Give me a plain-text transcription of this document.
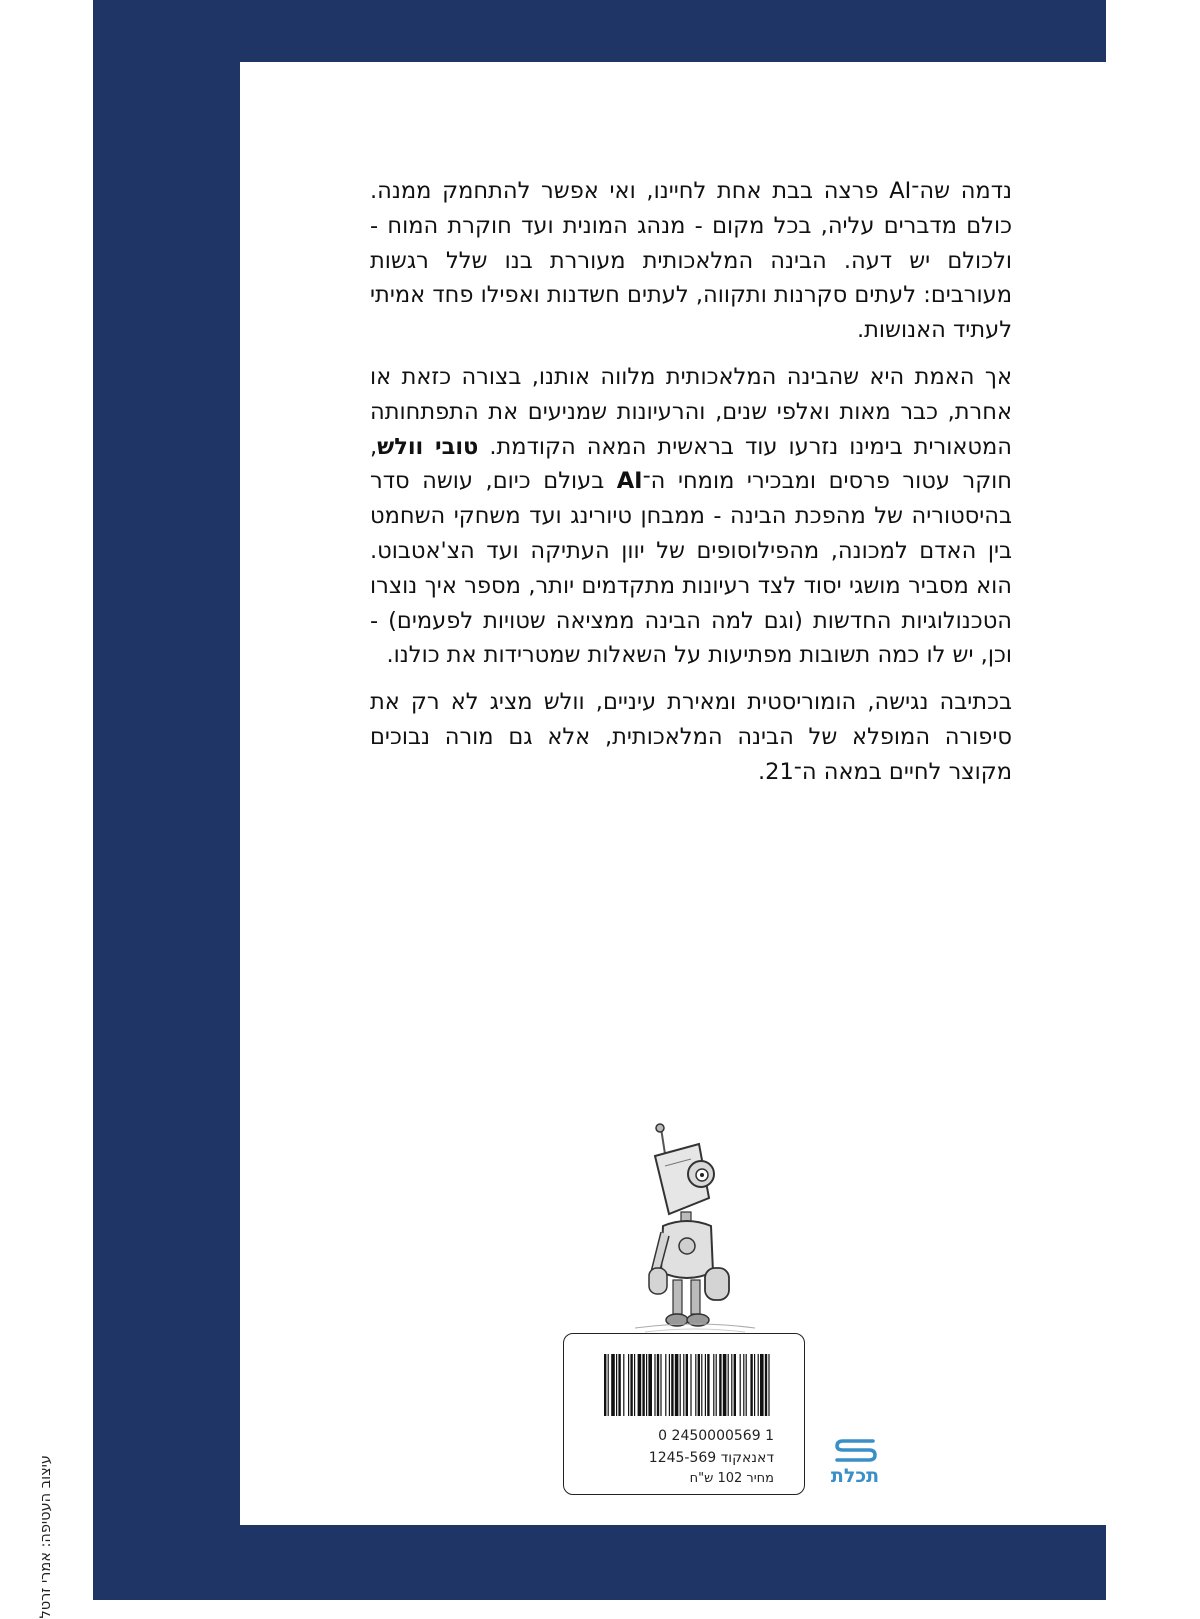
נדמה שה־AI פרצה בבת אחת לחיינו, ואי אפשר להתחמק ממנה. כולם מדברים עליה, בכל מקום - מנהג המונית ועד חוקרת המוח - ולכולם יש דעה. הבינה המלאכותית מעוררת בנו שלל רגשות מעורבים: לעתים סקרנות ותקווה, לעתים חשדנות ואפילו פחד אמיתי לעתיד האנושות.

אך האמת היא שהבינה המלאכותית מלווה אותנו, בצורה כזאת או אחרת, כבר מאות ואלפי שנים, והרעיונות שמניעים את התפתחותה המטאורית בימינו נזרעו עוד בראשית המאה הקודמת. טובי וולש, חוקר עטור פרסים ומבכירי מומחי ה־AI בעולם כיום, עושה סדר בהיסטוריה של מהפכת הבינה - ממבחן טיורינג ועד משחקי השחמט בין האדם למכונה, מהפילוסופים של יוון העתיקה ועד הצ'אטבוט. הוא מסביר מושגי יסוד לצד רעיונות מתקדמים יותר, מספר איך נוצרו הטכנולוגיות החדשות (וגם למה הבינה ממציאה שטויות לפעמים) - וכן, יש לו כמה תשובות מפתיעות על השאלות שמטרידות את כולנו.

בכתיבה נגישה, הומוריסטית ומאירת עיניים, וולש מציג לא רק את סיפורה המופלא של הבינה המלאכותית, אלא גם מורה נבוכים מקוצר לחיים במאה ה־21.

1 2450000569 0
דאנאקוד 1245-569
מחיר 102 ש"ח	תכלת
עיצוב העטיפה: אמרי זרטל
